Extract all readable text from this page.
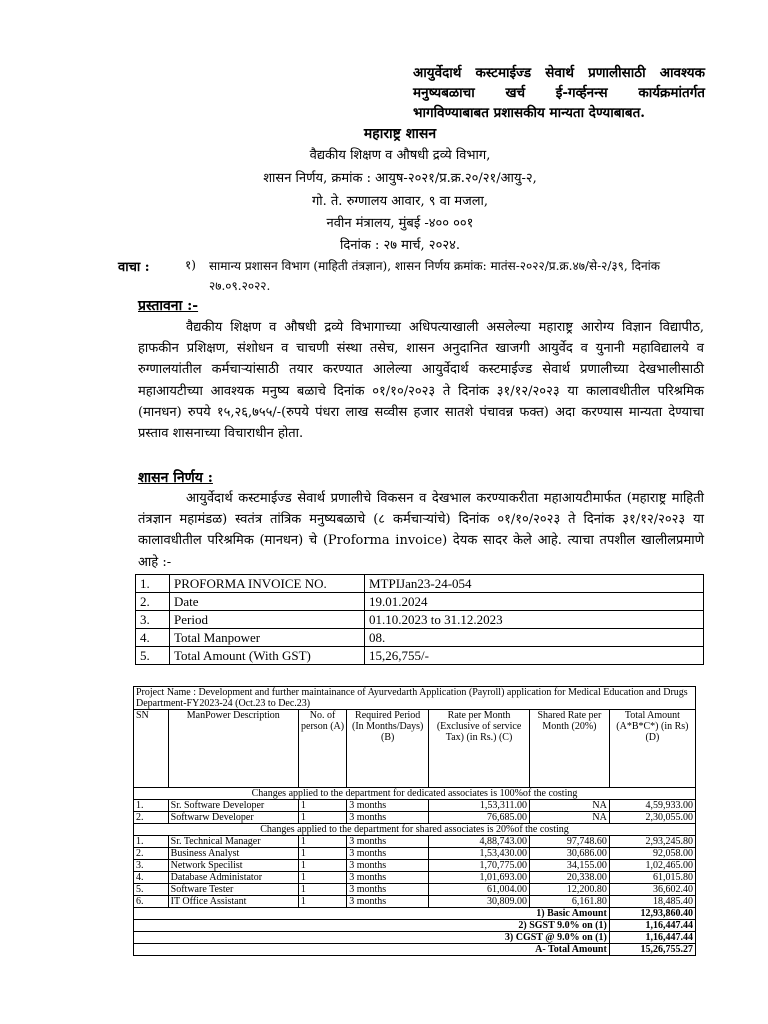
आयुर्वेदार्थ कस्टमाईज्ड सेवार्थ प्रणालीसाठी आवश्यक मनुष्यबळाचा खर्च ई-गर्व्हनन्स कार्यक्रमांतर्गत भागविण्याबाबत प्रशासकीय मान्यता देण्याबाबत.
महाराष्ट्र शासन
वैद्यकीय शिक्षण व औषधी द्रव्ये विभाग,
शासन निर्णय, क्रमांक : आयुष-२०२१/प्र.क्र.२०/२१/आयु-२,
गो. ते. रुग्णालय आवार, ९ वा मजला,
नवीन मंत्रालय, मुंबई -४०० ००१
दिनांक : २७ मार्च, २०२४.
वाचा :	१) सामान्य प्रशासन विभाग (माहिती तंत्रज्ञान), शासन निर्णय क्रमांक: मातंस-२०२२/प्र.क्र.४७/से-२/३९, दिनांक २७.०९.२०२२.
प्रस्तावना :-
वैद्यकीय शिक्षण व औषधी द्रव्ये विभागाच्या अधिपत्याखाली असलेल्या महाराष्ट्र आरोग्य विज्ञान विद्यापीठ, हाफकीन प्रशिक्षण, संशोधन व चाचणी संस्था तसेच, शासन अनुदानित खाजगी आयुर्वेद व युनानी महाविद्यालये व रुग्णालयांतील कर्मचाऱ्यांसाठी तयार करण्यात आलेल्या आयुर्वेदार्थ कस्टमाईज्ड सेवार्थ प्रणालीच्या देखभालीसाठी महाआयटीच्या आवश्यक मनुष्य बळाचे दिनांक ०१/१०/२०२३ ते दिनांक ३१/१२/२०२३ या कालावधीतील परिश्रमिक (मानधन) रुपये १५,२६,७५५/-(रुपये पंधरा लाख सव्वीस हजार सातशे पंचावन्न फक्त) अदा करण्यास मान्यता देण्याचा प्रस्ताव शासनाच्या विचाराधीन होता.
शासन निर्णय :
आयुर्वेदार्थ कस्टमाईज्ड सेवार्थ प्रणालीचे विकसन व देखभाल करण्याकरीता महाआयटीमार्फत (महाराष्ट्र माहिती तंत्रज्ञान महामंडळ) स्वतंत्र तांत्रिक मनुष्यबळाचे (८ कर्मचाऱ्यांचे) दिनांक ०१/१०/२०२३ ते दिनांक ३१/१२/२०२३ या कालावधीतील परिश्रमिक (मानधन) चे (Proforma invoice) देयक सादर केले आहे. त्याचा तपशील खालीलप्रमाणे आहे :-
1.	PROFORMA INVOICE NO.	MTPIJan23-24-054
2.	Date	19.01.2024
3.	Period	01.10.2023 to 31.12.2023
4.	Total Manpower	08.
5.	Total Amount (With GST)	15,26,755/-
Project Name : Development and further maintainance of Ayurvedarth Application (Payroll) application for Medical Education and Drugs Department-FY2023-24 (Oct.23 to Dec.23)						
SN	ManPower Description	No. of person (A)	Required Period (In Months/Days) (B)	Rate per Month (Exclusive of service Tax) (in Rs.) (C)	Shared Rate per Month (20%)	Total Amount (A*B*C*) (in Rs) (D)
Changes applied to the department for dedicated associates is 100%of the costing						
1.	Sr. Software Developer	1	3 months	1,53,311.00	NA	4,59,933.00
2.	Softwarw Developer	1	3 months	76,685.00	NA	2,30,055.00
Changes applied to the department for shared associates is 20%of the costing						
1.	Sr. Technical Manager	1	3 months	4,88,743.00	97,748.60	2,93,245.80
2.	Business Analyst	1	3 months	1,53,430.00	30,686.00	92,058.00
3.	Network Specilist	1	3 months	1,70,775.00	34,155.00	1,02,465.00
4.	Database Administator	1	3 months	1,01,693.00	20,338.00	61,015.80
5.	Software Tester	1	3 months	61,004.00	12,200.80	36,602.40
6.	IT Office Assistant	1	3 months	30,809.00	6,161.80	18,485.40
1) Basic Amount						12,93,860.40
2) SGST 9.0% on (1)						1,16,447.44
3) CGST @ 9.0% on (1)						1,16,447.44
A- Total Amount						15,26,755.27
